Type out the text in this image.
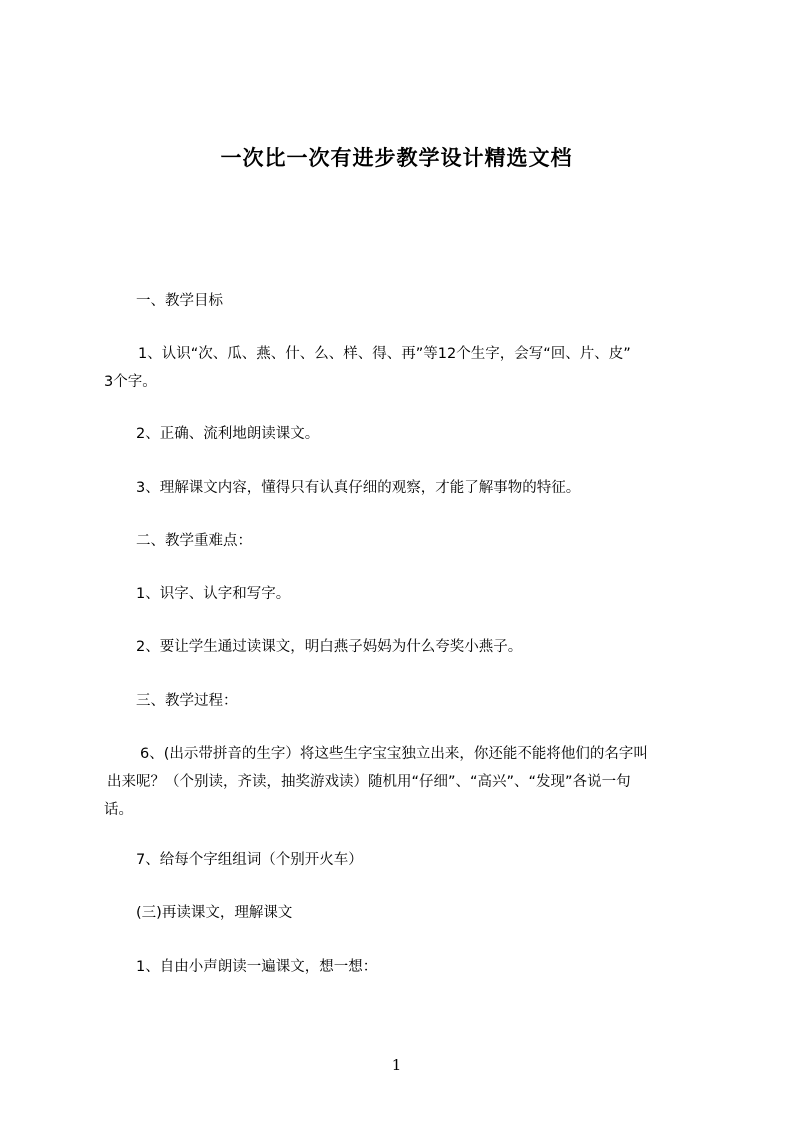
一次比一次有进步教学设计精选文档
一、教学目标
1、认识“次、瓜、燕、什、么、样、得、再”等12个生字，会写“回、片、皮”
3个字。
2、正确、流利地朗读课文。
3、理解课文内容，懂得只有认真仔细的观察，才能了解事物的特征。
二、教学重难点：
1、识字、认字和写字。
2、要让学生通过读课文，明白燕子妈妈为什么夸奖小燕子。
三、教学过程：
6、(出示带拼音的生字）将这些生字宝宝独立出来，你还能不能将他们的名字叫
出来呢？（个别读，齐读，抽奖游戏读）随机用“仔细”、“高兴”、“发现”各说一句
话。
7、给每个字组组词（个别开火车）
(三)再读课文，理解课文
1、自由小声朗读一遍课文，想一想：
1
